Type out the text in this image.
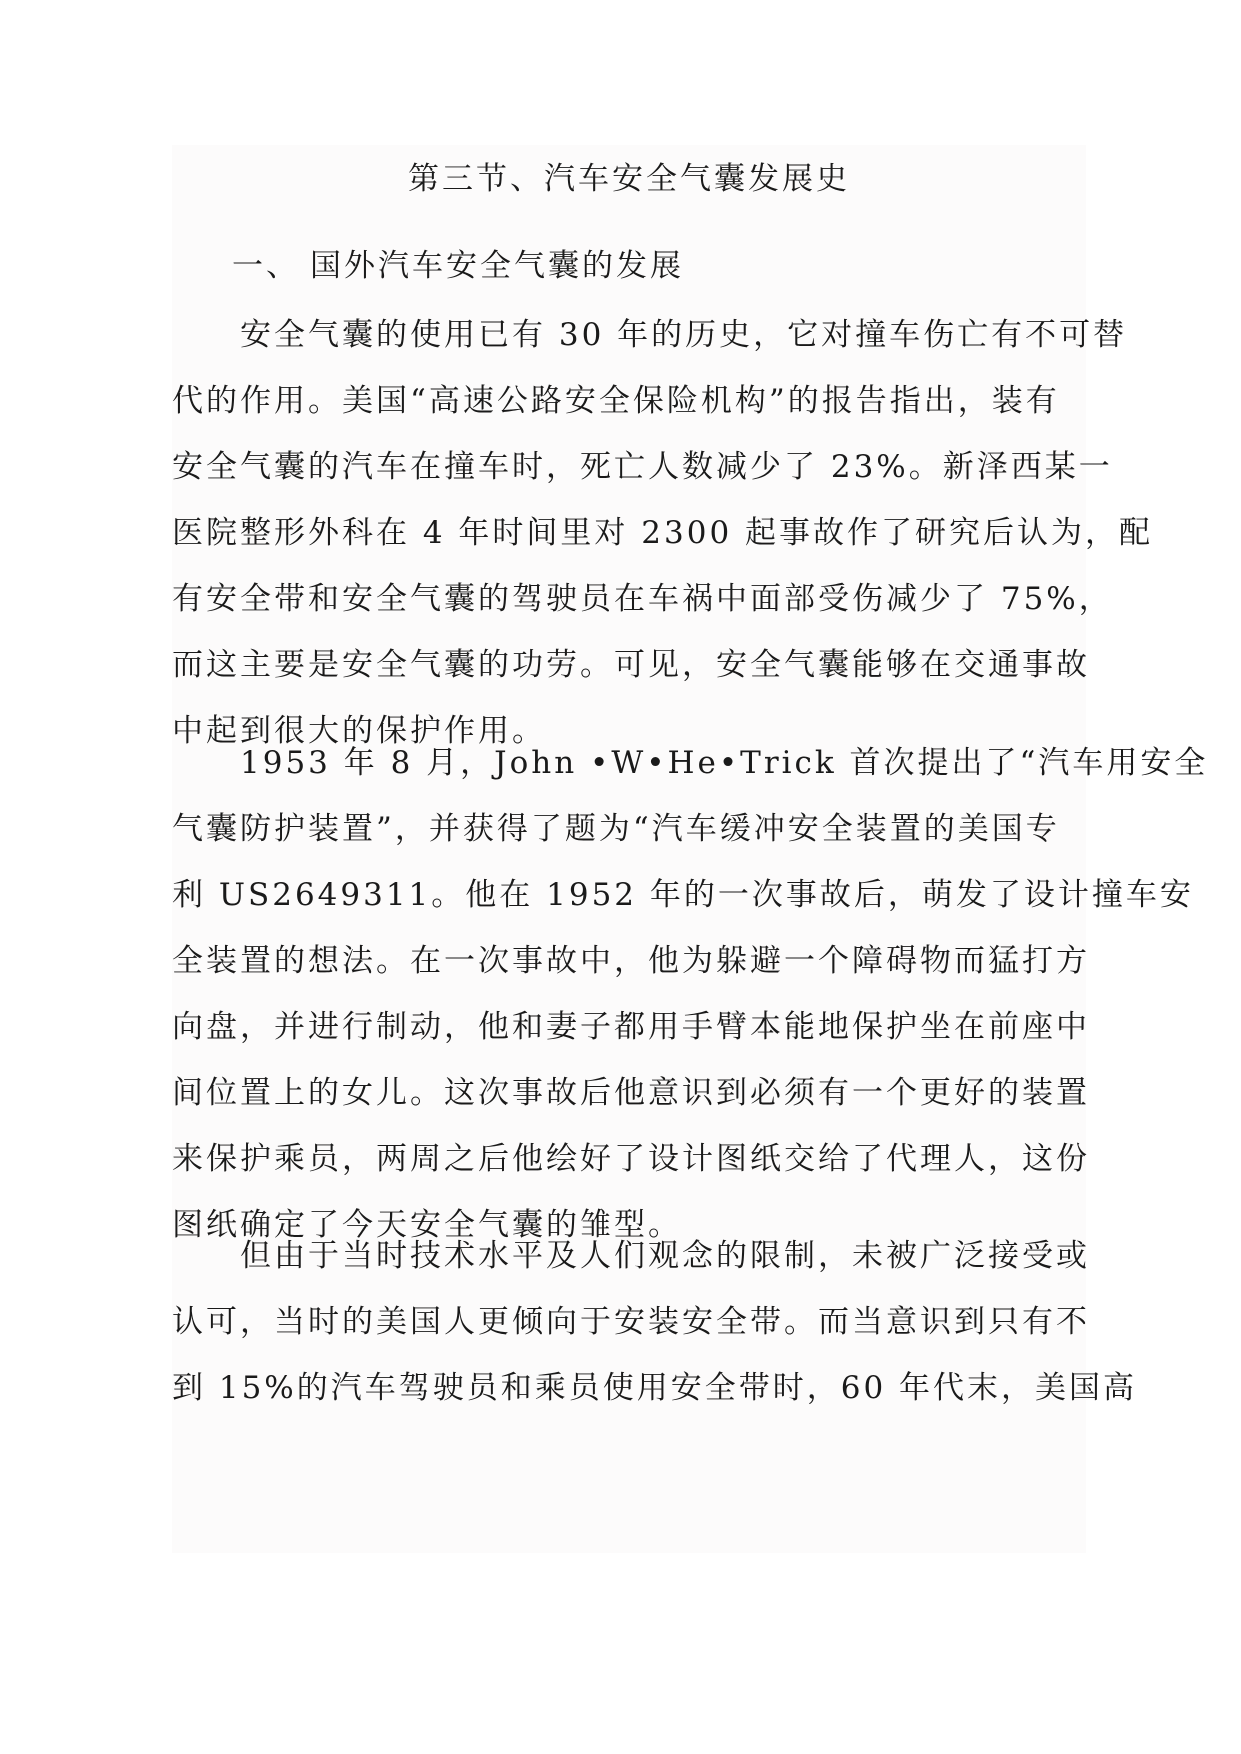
第三节、汽车安全气囊发展史
一、 国外汽车安全气囊的发展

安全气囊的使用已有 30 年的历史，它对撞车伤亡有不可替
代的作用。美国“高速公路安全保险机构”的报告指出，装有
安全气囊的汽车在撞车时，死亡人数减少了 23%。新泽西某一
医院整形外科在 4 年时间里对 2300 起事故作了研究后认为，配
有安全带和安全气囊的驾驶员在车祸中面部受伤减少了 75%，
而这主要是安全气囊的功劳。可见，安全气囊能够在交通事故
中起到很大的保护作用。

1953 年 8 月，John •W•He•Trick 首次提出了“汽车用安全
气囊防护装置”，并获得了题为“汽车缓冲安全装置的美国专
利 US2649311。他在 1952 年的一次事故后，萌发了设计撞车安
全装置的想法。在一次事故中，他为躲避一个障碍物而猛打方
向盘，并进行制动，他和妻子都用手臂本能地保护坐在前座中
间位置上的女儿。这次事故后他意识到必须有一个更好的装置
来保护乘员，两周之后他绘好了设计图纸交给了代理人，这份
图纸确定了今天安全气囊的雏型。

但由于当时技术水平及人们观念的限制，未被广泛接受或
认可，当时的美国人更倾向于安装安全带。而当意识到只有不
到 15%的汽车驾驶员和乘员使用安全带时，60 年代末，美国高
